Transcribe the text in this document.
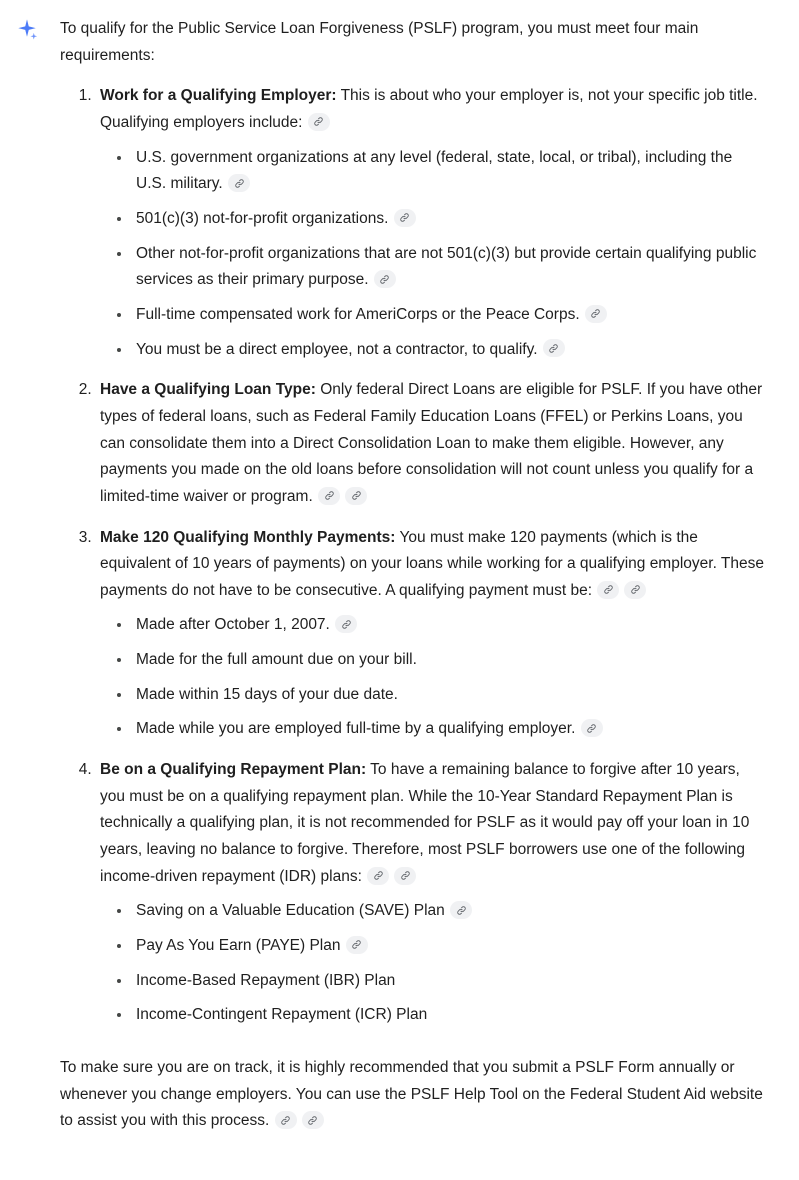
To qualify for the Public Service Loan Forgiveness (PSLF) program, you must meet four main requirements:

1. Work for a Qualifying Employer: This is about who your employer is, not your specific job title. Qualifying employers include:
• U.S. government organizations at any level (federal, state, local, or tribal), including the U.S. military.
• 501(c)(3) not-for-profit organizations.
• Other not-for-profit organizations that are not 501(c)(3) but provide certain qualifying public services as their primary purpose.
• Full-time compensated work for AmeriCorps or the Peace Corps.
• You must be a direct employee, not a contractor, to qualify.
2. Have a Qualifying Loan Type: Only federal Direct Loans are eligible for PSLF. If you have other types of federal loans, such as Federal Family Education Loans (FFEL) or Perkins Loans, you can consolidate them into a Direct Consolidation Loan to make them eligible. However, any payments you made on the old loans before consolidation will not count unless you qualify for a limited-time waiver or program.
3. Make 120 Qualifying Monthly Payments: You must make 120 payments (which is the equivalent of 10 years of payments) on your loans while working for a qualifying employer. These payments do not have to be consecutive. A qualifying payment must be:
• Made after October 1, 2007.
• Made for the full amount due on your bill.
• Made within 15 days of your due date.
• Made while you are employed full-time by a qualifying employer.
4. Be on a Qualifying Repayment Plan: To have a remaining balance to forgive after 10 years, you must be on a qualifying repayment plan. While the 10-Year Standard Repayment Plan is technically a qualifying plan, it is not recommended for PSLF as it would pay off your loan in 10 years, leaving no balance to forgive. Therefore, most PSLF borrowers use one of the following income-driven repayment (IDR) plans:
• Saving on a Valuable Education (SAVE) Plan
• Pay As You Earn (PAYE) Plan
• Income-Based Repayment (IBR) Plan
• Income-Contingent Repayment (ICR) Plan

To make sure you are on track, it is highly recommended that you submit a PSLF Form annually or whenever you change employers. You can use the PSLF Help Tool on the Federal Student Aid website to assist you with this process.
